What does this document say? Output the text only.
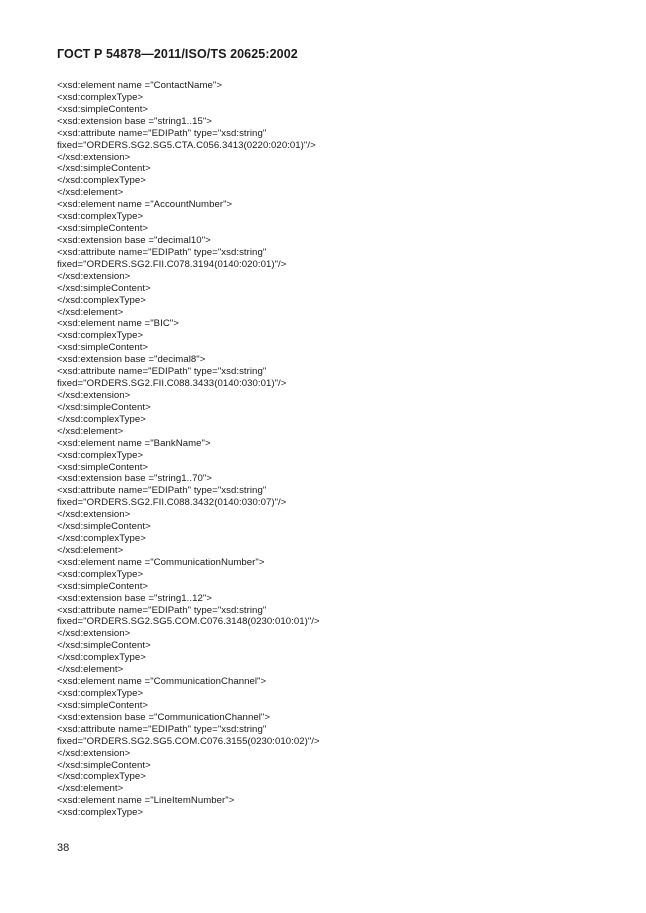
ГОСТ Р 54878—2011/ISO/TS 20625:2002
<xsd:element name ="ContactName">
<xsd:complexType>
<xsd:simpleContent>
<xsd:extension base ="string1..15">
<xsd:attribute name="EDIPath" type="xsd:string"
fixed="ORDERS.SG2.SG5.CTA.C056.3413(0220:020:01)"/>
</xsd:extension>
</xsd:simpleContent>
</xsd:complexType>
</xsd:element>
<xsd:element name ="AccountNumber">
<xsd:complexType>
<xsd:simpleContent>
<xsd:extension base ="decimal10">
<xsd:attribute name="EDIPath" type="xsd:string"
fixed="ORDERS.SG2.FII.C078.3194(0140:020:01)"/>
</xsd:extension>
</xsd:simpleContent>
</xsd:complexType>
</xsd:element>
<xsd:element name ="BIC">
<xsd:complexType>
<xsd:simpleContent>
<xsd:extension base ="decimal8">
<xsd:attribute name="EDIPath" type="xsd:string"
fixed="ORDERS.SG2.FII.C088.3433(0140:030:01)"/>
</xsd:extension>
</xsd:simpleContent>
</xsd:complexType>
</xsd:element>
<xsd:element name ="BankName">
<xsd:complexType>
<xsd:simpleContent>
<xsd:extension base ="string1..70">
<xsd:attribute name="EDIPath" type="xsd:string"
fixed="ORDERS.SG2.FII.C088.3432(0140:030:07)"/>
</xsd:extension>
</xsd:simpleContent>
</xsd:complexType>
</xsd:element>
<xsd:element name ="CommunicationNumber">
<xsd:complexType>
<xsd:simpleContent>
<xsd:extension base ="string1..12">
<xsd:attribute name="EDIPath" type="xsd:string"
fixed="ORDERS.SG2.SG5.COM.C076.3148(0230:010:01)"/>
</xsd:extension>
</xsd:simpleContent>
</xsd:complexType>
</xsd:element>
<xsd:element name ="CommunicationChannel">
<xsd:complexType>
<xsd:simpleContent>
<xsd:extension base ="CommunicationChannel">
<xsd:attribute name="EDIPath" type="xsd:string"
fixed="ORDERS.SG2.SG5.COM.C076.3155(0230:010:02)"/>
</xsd:extension>
</xsd:simpleContent>
</xsd:complexType>
</xsd:element>
<xsd:element name ="LineItemNumber">
<xsd:complexType>
38
